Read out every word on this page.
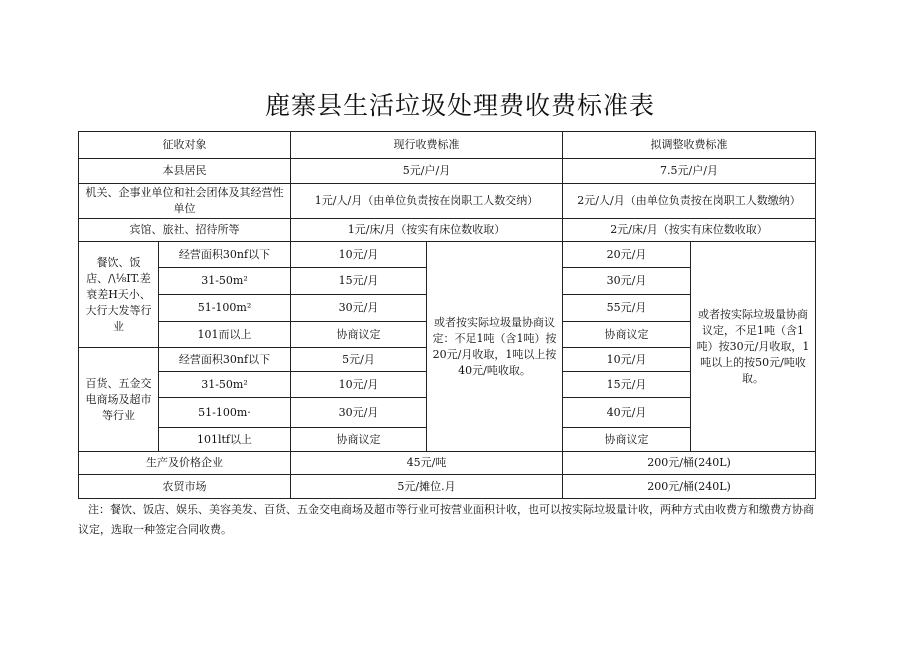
鹿寨县生活垃圾处理费收费标准表
征收对象		现行收费标准		拟调整收费标准	
本县居民		5元/户/月		7.5元/户/月	
机关、企事业单位和社会团体及其经营性单位		1元/人/月（由单位负责按在岗职工人数交纳）		2元/人/月（由单位负责按在岗职工人数缴纳）	
宾馆、旅社、招待所等		1元/床/月（按实有床位数收取）		2元/床/月（按实有床位数收取）	
餐饮、饭店、/\⅛IT.差衰差H天小、大行大发等行业	经营面积30nf以下	10元/月	或者按实际垃圾量协商议定：不足1吨（含1吨）按20元/月收取，1吨以上按40元/吨收取。	20元/月	或者按实际垃圾量协商议定，不足1吨（含1吨）按30元/月收取，1吨以上的按50元/吨收取。
	31-50m²	15元/月		30元/月	
	51-100m²	30元/月		55元/月	
	101而以上	协商议定		协商议定	
百货、五金交电商场及超市等行业	经营面积30nf以下	5元/月		10元/月	
	31-50m²	10元/月		15元/月	
	51-100m·	30元/月		40元/月	
	101ltf以上	协商议定		协商议定	
生产及价格企业		45元/吨		200元/桶(240L)	
农贸市场		5元/摊位.月		200元/桶(240L)	
注：餐饮、饭店、娱乐、美容美发、百货、五金交电商场及超市等行业可按营业面积计收，也可以按实际垃圾量计收，两种方式由收费方和缴费方协商议定，选取一种签定合同收费。
